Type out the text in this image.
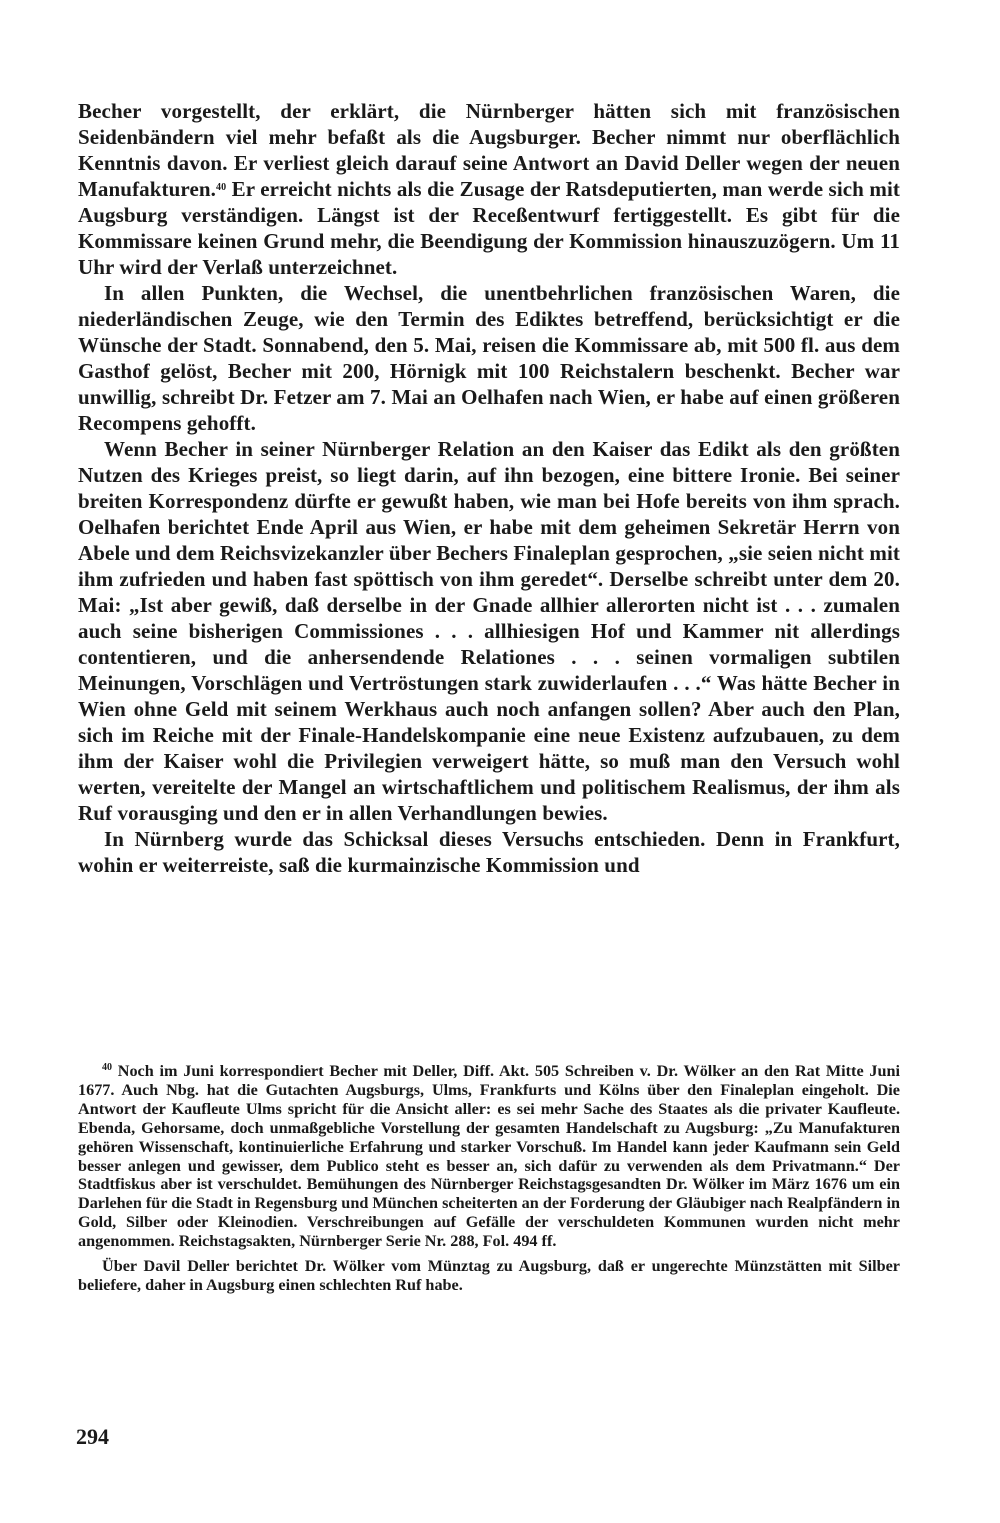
Becher vorgestellt, der erklärt, die Nürnberger hätten sich mit französischen Seidenbändern viel mehr befaßt als die Augsburger. Becher nimmt nur oberflächlich Kenntnis davon. Er verliest gleich darauf seine Antwort an David Deller wegen der neuen Manufakturen.$^{40}$ Er erreicht nichts als die Zusage der Ratsdeputierten, man werde sich mit Augsburg verständigen. Längst ist der Receßentwurf fertiggestellt. Es gibt für die Kommissare keinen Grund mehr, die Beendigung der Kommission hinauszuzögern. Um 11 Uhr wird der Verlaß unterzeichnet.

In allen Punkten, die Wechsel, die unentbehrlichen französischen Waren, die niederländischen Zeuge, wie den Termin des Ediktes betreffend, berücksichtigt er die Wünsche der Stadt. Sonnabend, den 5. Mai, reisen die Kommissare ab, mit 500 fl. aus dem Gasthof gelöst, Becher mit 200, Hörnigk mit 100 Reichstalern beschenkt. Becher war unwillig, schreibt Dr. Fetzer am 7. Mai an Oelhafen nach Wien, er habe auf einen größeren Recompens gehofft.

Wenn Becher in seiner Nürnberger Relation an den Kaiser das Edikt als den größten Nutzen des Krieges preist, so liegt darin, auf ihn bezogen, eine bittere Ironie. Bei seiner breiten Korrespondenz dürfte er gewußt haben, wie man bei Hofe bereits von ihm sprach. Oelhafen berichtet Ende April aus Wien, er habe mit dem geheimen Sekretär Herrn von Abele und dem Reichsvizekanzler über Bechers Finaleplan gesprochen, „sie seien nicht mit ihm zufrieden und haben fast spöttisch von ihm geredet“. Derselbe schreibt unter dem 20. Mai: „Ist aber gewiß, daß derselbe in der Gnade allhier allerorten nicht ist . . . zumalen auch seine bisherigen Commissiones . . . allhiesigen Hof und Kammer nit allerdings contentieren, und die anhersendende Relationes . . . seinen vormaligen subtilen Meinungen, Vorschlägen und Vertröstungen stark zuwiderlaufen . . .“ Was hätte Becher in Wien ohne Geld mit seinem Werkhaus auch noch anfangen sollen? Aber auch den Plan, sich im Reiche mit der Finale-Handelskompanie eine neue Existenz aufzubauen, zu dem ihm der Kaiser wohl die Privilegien verweigert hätte, so muß man den Versuch wohl werten, vereitelte der Mangel an wirtschaftlichem und politischem Realismus, der ihm als Ruf vorausging und den er in allen Verhandlungen bewies.

In Nürnberg wurde das Schicksal dieses Versuchs entschieden. Denn in Frankfurt, wohin er weiterreiste, saß die kurmainzische Kommission und

$^{40}$ Noch im Juni korrespondiert Becher mit Deller, Diff. Akt. 505 Schreiben v. Dr. Wölker an den Rat Mitte Juni 1677. Auch Nbg. hat die Gutachten Augsburgs, Ulms, Frankfurts und Kölns über den Finaleplan eingeholt. Die Antwort der Kaufleute Ulms spricht für die Ansicht aller: es sei mehr Sache des Staates als die privater Kaufleute. Ebenda, Gehorsame, doch unmaßgebliche Vorstellung der gesamten Handelschaft zu Augsburg: „Zu Manufakturen gehören Wissenschaft, kontinuierliche Erfahrung und starker Vorschuß. Im Handel kann jeder Kaufmann sein Geld besser anlegen und gewisser, dem Publico steht es besser an, sich dafür zu verwenden als dem Privatmann.“ Der Stadtfiskus aber ist verschuldet. Bemühungen des Nürnberger Reichstagsgesandten Dr. Wölker im März 1676 um ein Darlehen für die Stadt in Regensburg und München scheiterten an der Forderung der Gläubiger nach Realpfändern in Gold, Silber oder Kleinodien. Verschreibungen auf Gefälle der verschuldeten Kommunen wurden nicht mehr angenommen. Reichstagsakten, Nürnberger Serie Nr. 288, Fol. 494 ff.

Über Davil Deller berichtet Dr. Wölker vom Münztag zu Augsburg, daß er ungerechte Münzstätten mit Silber beliefere, daher in Augsburg einen schlechten Ruf habe.

294
